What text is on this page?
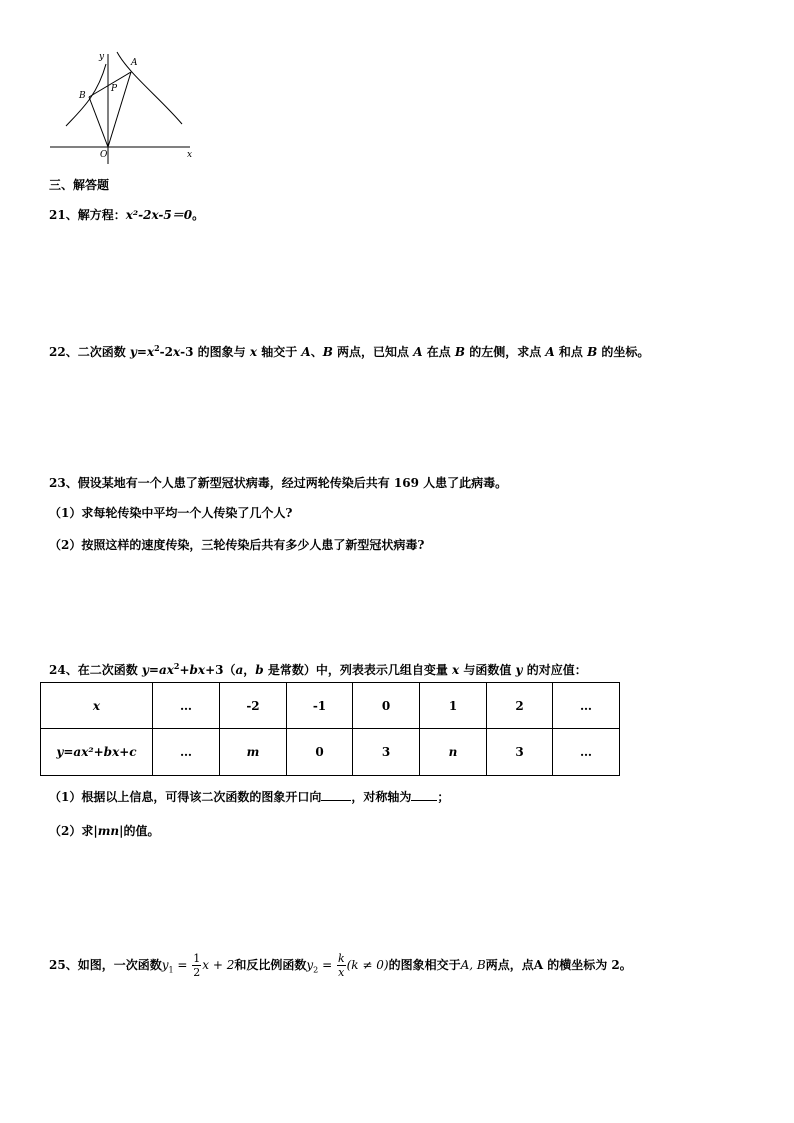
y
A
B
P
O	x
三、解答题
21、解方程：x²-2x-5＝0。
22、二次函数 $y=x^2-2x-3$ 的图象与 x 轴交于 A、B 两点，已知点 A 在点 B 的左侧，求点 A 和点 B 的坐标。
23、假设某地有一个人患了新型冠状病毒，经过两轮传染后共有 169 人患了此病毒。
（1）求每轮传染中平均一个人传染了几个人?
（2）按照这样的速度传染，三轮传染后共有多少人患了新型冠状病毒?
24、在二次函数 $y=ax^2+bx+3(a$，b 是常数）中，列表表示几组自变量 x 与函数值 y 的对应值：
x	…	-2	-1	0	1	2	…
y=ax²+bx+c	…	m	0	3	n	3	…
（1）根据以上信息，可得该二次函数的图象开口向	，对称轴为 ；
（2）求|mn|的值。
25、如图，一次函数$y_1 = \frac{1}{2}$ x + 2和反比例函数$y_2 = \frac{k}{x} (k \ne 0)$的图象相交于A, B两点，点A 的横坐标为 2。
